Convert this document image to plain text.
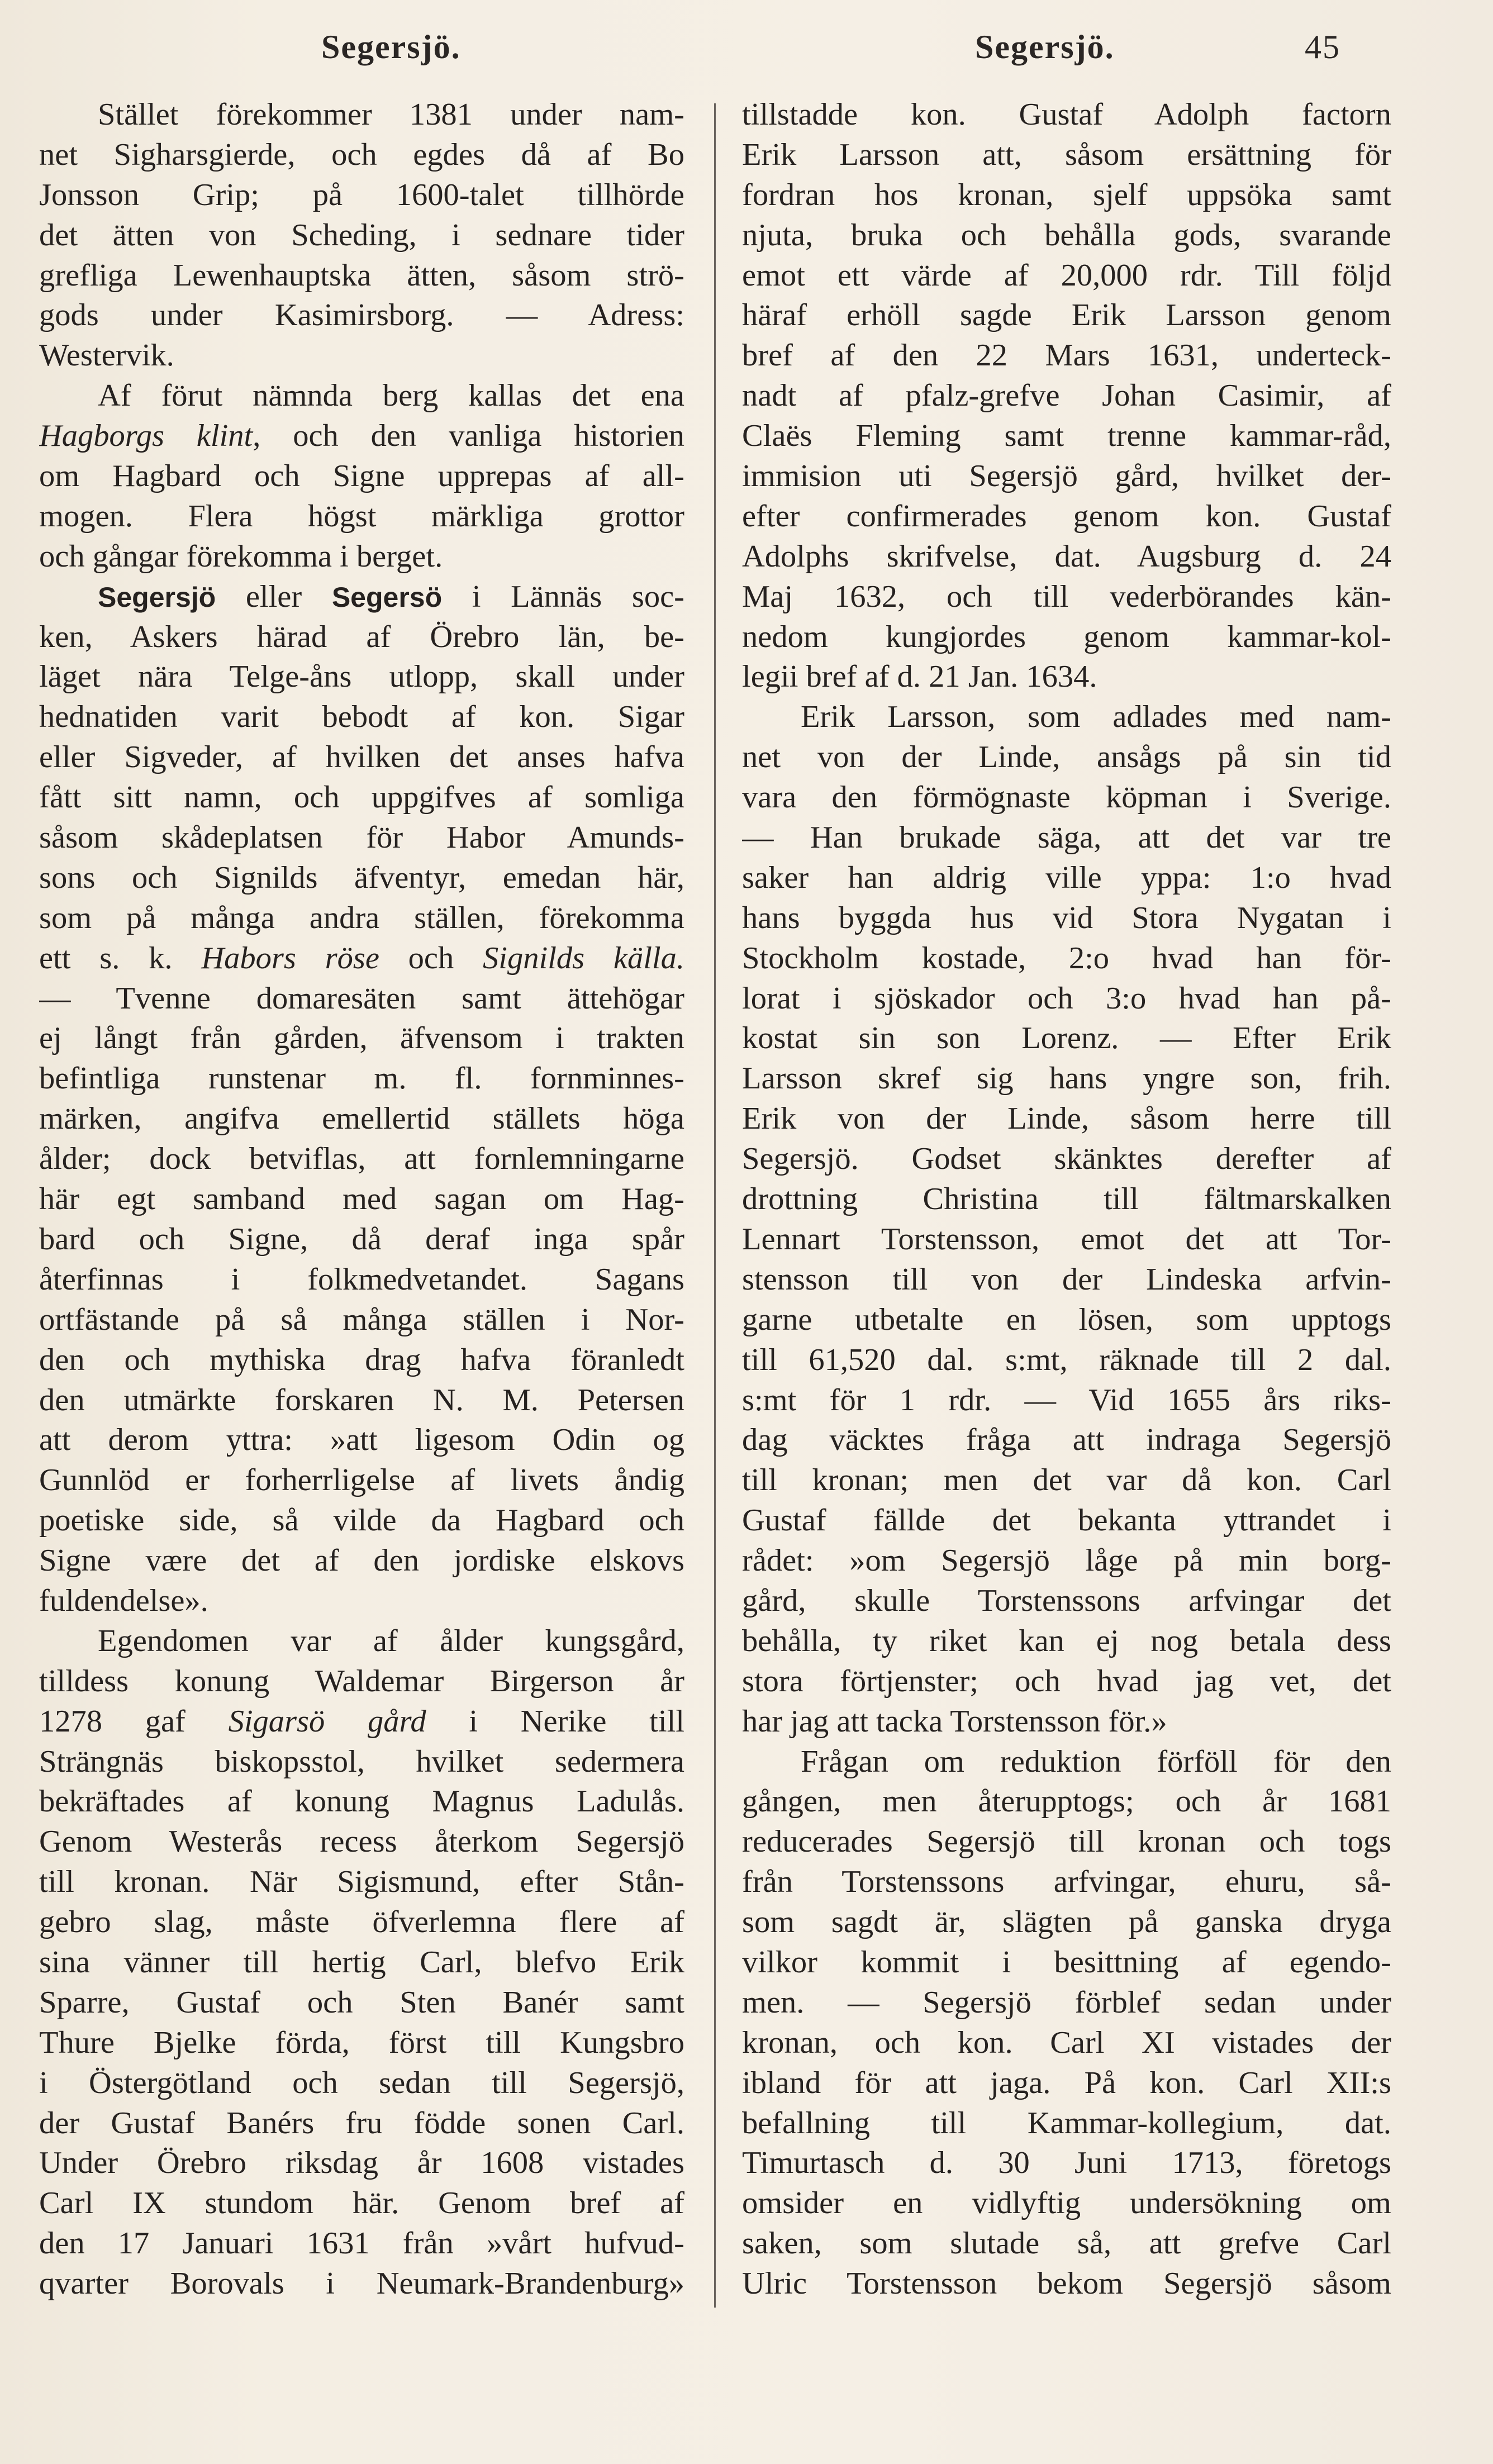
Segersjö.	Segersjö.	45
Stället förekommer 1381 under nam-
net Sigharsgierde, och egdes då af Bo
Jonsson Grip; på 1600-talet tillhörde
det ätten von Scheding, i sednare tider
grefliga Lewenhauptska ätten, såsom strö-
gods under Kasimirsborg. — Adress:
Westervik.
Af förut nämnda berg kallas det ena
Hagborgs klint, och den vanliga historien
om Hagbard och Signe upprepas af all-
mogen. Flera högst märkliga grottor
och gångar förekomma i berget.
Segersjö eller Segersö i Lännäs soc-
ken, Askers härad af Örebro län, be-
läget nära Telge-åns utlopp, skall under
hednatiden varit bebodt af kon. Sigar
eller Sigveder, af hvilken det anses hafva
fått sitt namn, och uppgifves af somliga
såsom skådeplatsen för Habor Amunds-
sons och Signilds äfventyr, emedan här,
som på många andra ställen, förekomma
ett s. k. Habors röse och Signilds källa.
— Tvenne domaresäten samt ättehögar
ej långt från gården, äfvensom i trakten
befintliga runstenar m. fl. fornminnes-
märken, angifva emellertid ställets höga
ålder; dock betviflas, att fornlemningarne
här egt samband med sagan om Hag-
bard och Signe, då deraf inga spår
återfinnas i folkmedvetandet. Sagans
ortfästande på så många ställen i Nor-
den och mythiska drag hafva föranledt
den utmärkte forskaren N. M. Petersen
att derom yttra: »att ligesom Odin og
Gunnlöd er forherrligelse af livets åndig
poetiske side, så vilde da Hagbard och
Signe være det af den jordiske elskovs
fuldendelse».
Egendomen var af ålder kungsgård,
tilldess konung Waldemar Birgerson år
1278 gaf Sigarsö gård i Nerike till
Strängnäs biskopsstol, hvilket sedermera
bekräftades af konung Magnus Ladulås.
Genom Westerås recess återkom Segersjö
till kronan. När Sigismund, efter Stån-
gebro slag, måste öfverlemna flere af
sina vänner till hertig Carl, blefvo Erik
Sparre, Gustaf och Sten Banér samt
Thure Bjelke förda, först till Kungsbro
i Östergötland och sedan till Segersjö,
der Gustaf Banérs fru födde sonen Carl.
Under Örebro riksdag år 1608 vistades
Carl IX stundom här. Genom bref af
den 17 Januari 1631 från »vårt hufvud-
qvarter Borovals i Neumark-Brandenburg»
tillstadde kon. Gustaf Adolph factorn
Erik Larsson att, såsom ersättning för
fordran hos kronan, sjelf uppsöka samt
njuta, bruka och behålla gods, svarande
emot ett värde af 20,000 rdr. Till följd
häraf erhöll sagde Erik Larsson genom
bref af den 22 Mars 1631, underteck-
nadt af pfalz-grefve Johan Casimir, af
Claës Fleming samt trenne kammar-råd,
immision uti Segersjö gård, hvilket der-
efter confirmerades genom kon. Gustaf
Adolphs skrifvelse, dat. Augsburg d. 24
Maj 1632, och till vederbörandes kän-
nedom kungjordes genom kammar-kol-
legii bref af d. 21 Jan. 1634.
Erik Larsson, som adlades med nam-
net von der Linde, ansågs på sin tid
vara den förmögnaste köpman i Sverige.
— Han brukade säga, att det var tre
saker han aldrig ville yppa: 1:o hvad
hans byggda hus vid Stora Nygatan i
Stockholm kostade, 2:o hvad han för-
lorat i sjöskador och 3:o hvad han på-
kostat sin son Lorenz. — Efter Erik
Larsson skref sig hans yngre son, frih.
Erik von der Linde, såsom herre till
Segersjö. Godset skänktes derefter af
drottning Christina till fältmarskalken
Lennart Torstensson, emot det att Tor-
stensson till von der Lindeska arfvin-
garne utbetalte en lösen, som upptogs
till 61,520 dal. s:mt, räknade till 2 dal.
s:mt för 1 rdr. — Vid 1655 års riks-
dag väcktes fråga att indraga Segersjö
till kronan; men det var då kon. Carl
Gustaf fällde det bekanta yttrandet i
rådet: »om Segersjö låge på min borg-
gård, skulle Torstenssons arfvingar det
behålla, ty riket kan ej nog betala dess
stora förtjenster; och hvad jag vet, det
har jag att tacka Torstensson för.»
Frågan om reduktion förföll för den
gången, men återupptogs; och år 1681
reducerades Segersjö till kronan och togs
från Torstenssons arfvingar, ehuru, så-
som sagdt är, slägten på ganska dryga
vilkor kommit i besittning af egendo-
men. — Segersjö förblef sedan under
kronan, och kon. Carl XI vistades der
ibland för att jaga. På kon. Carl XII:s
befallning till Kammar-kollegium, dat.
Timurtasch d. 30 Juni 1713, företogs
omsider en vidlyftig undersökning om
saken, som slutade så, att grefve Carl
Ulric Torstensson bekom Segersjö såsom
